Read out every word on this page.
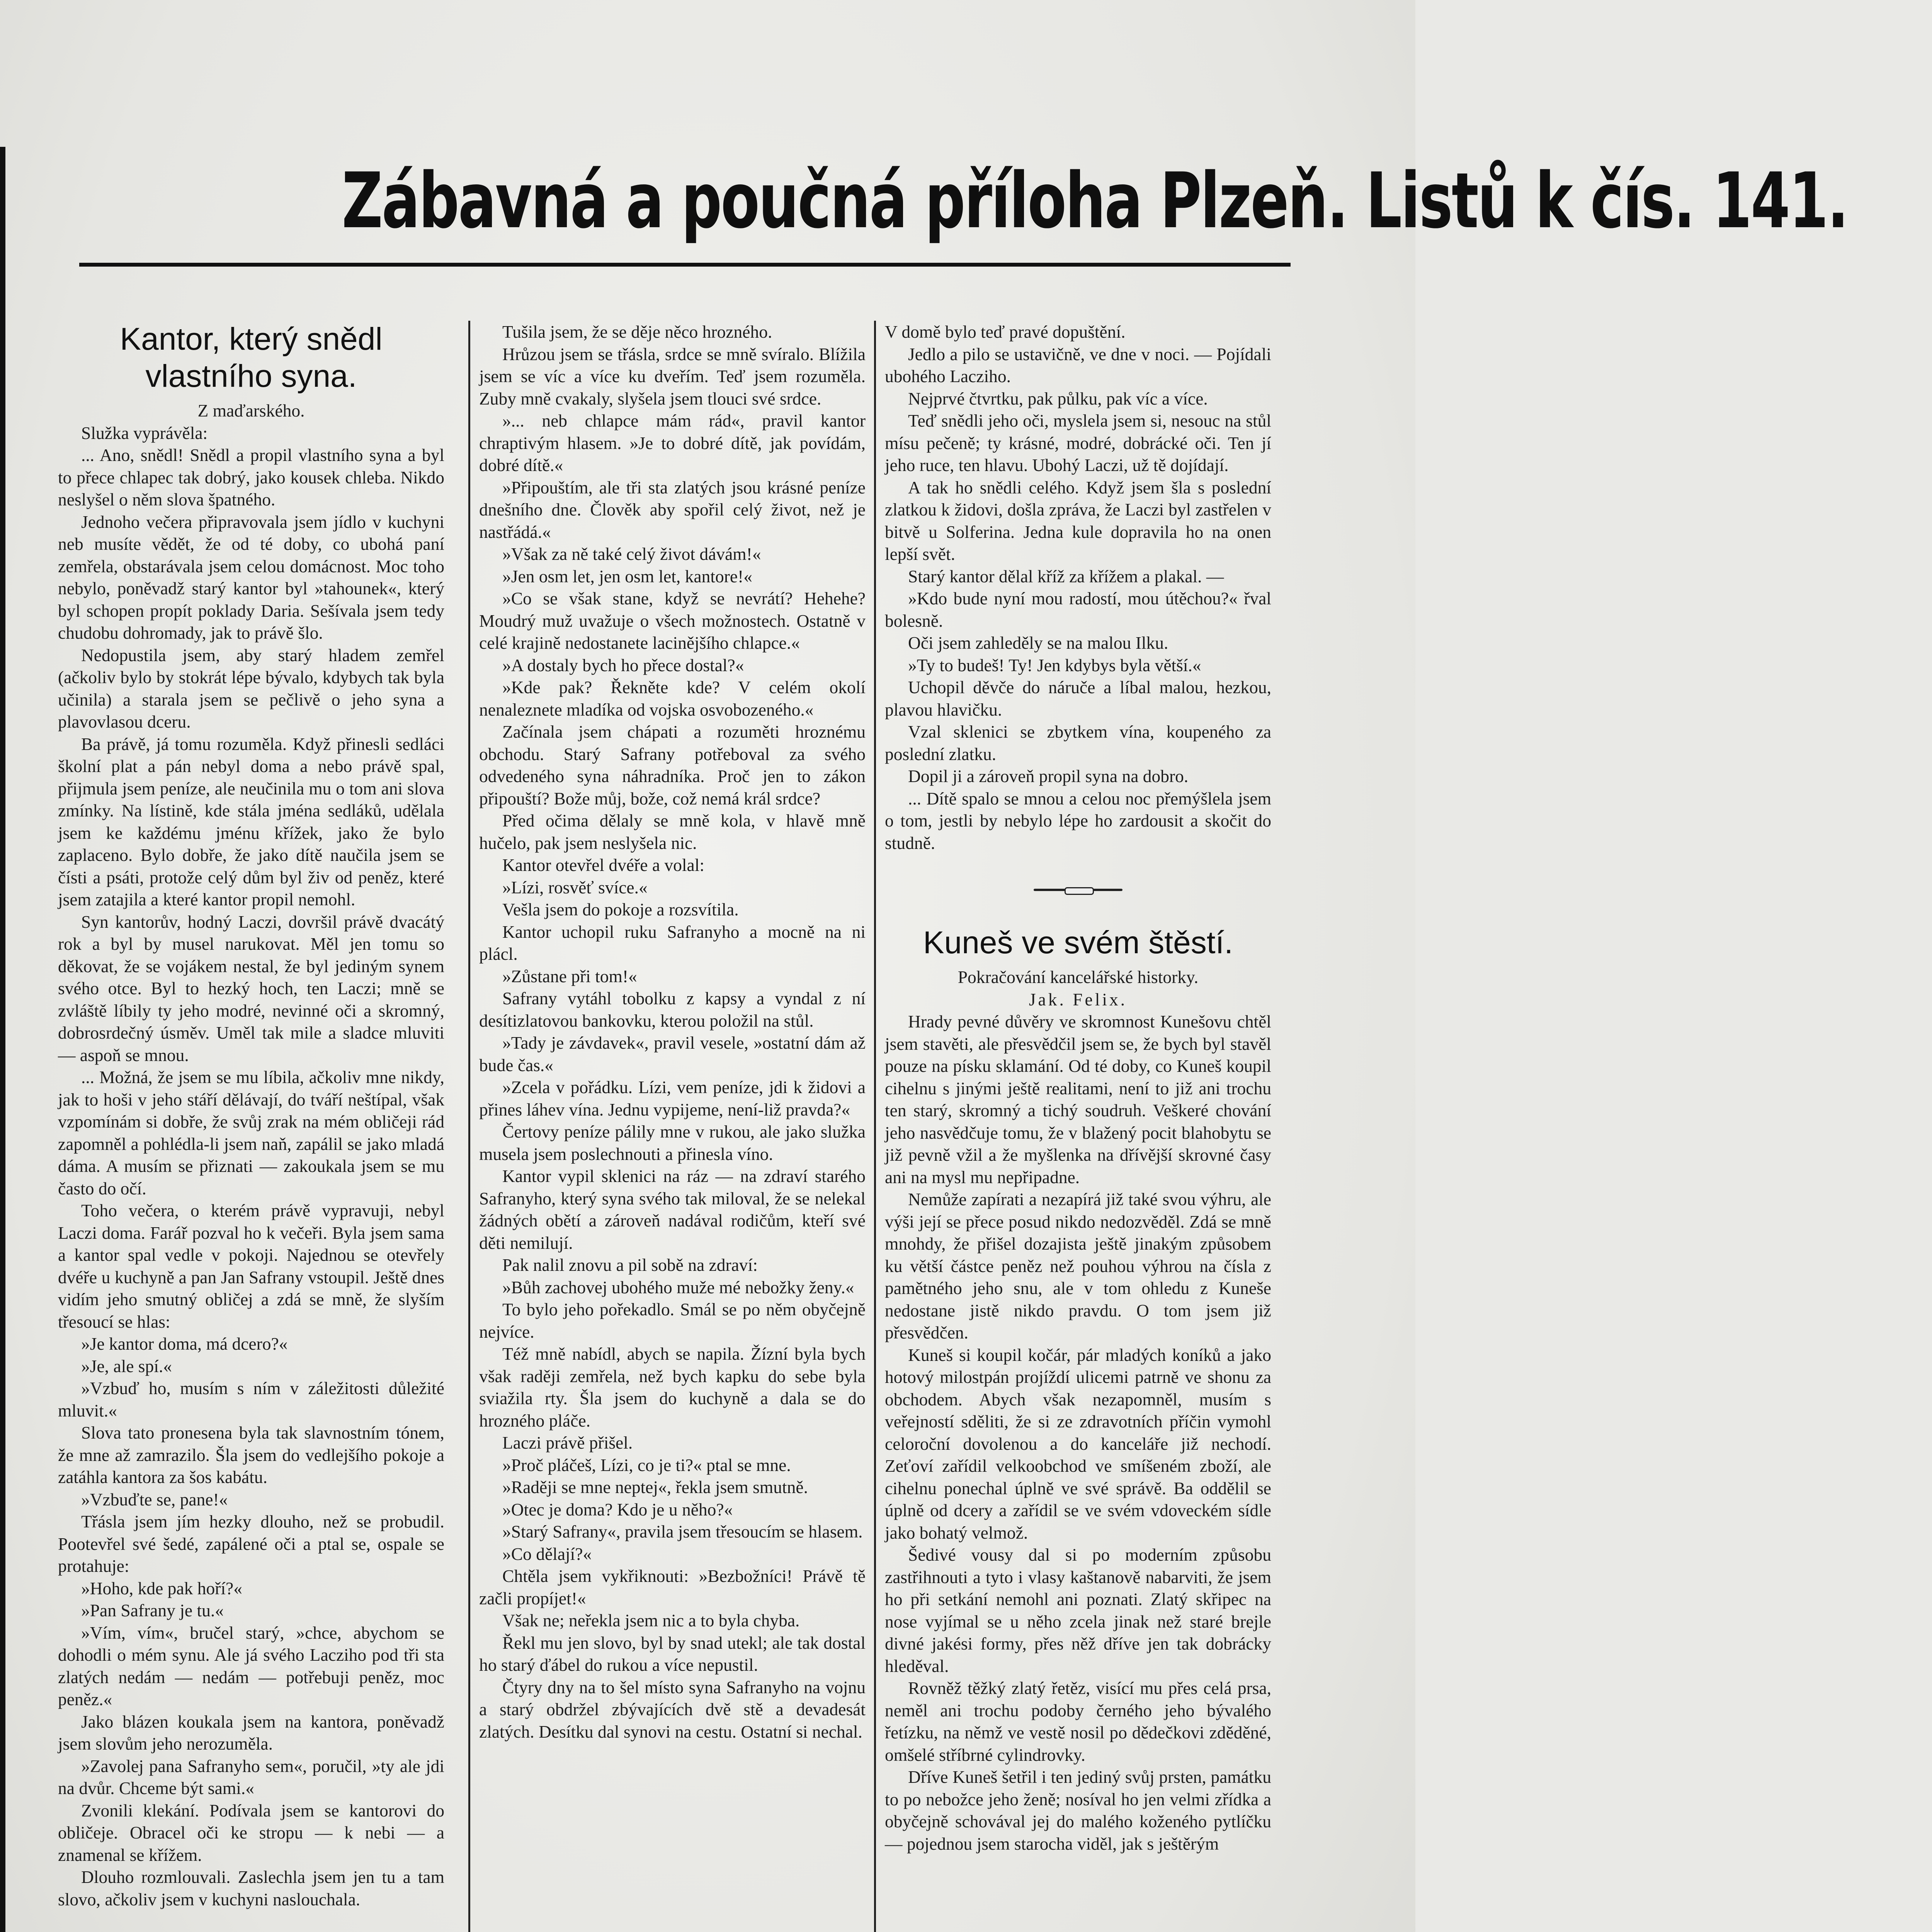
Zábavná a poučná příloha Plzeň. Listů k čís. 141.
Kantor, který snědl vlastního syna.

Z maďarského.

Služka vyprávěla:

... Ano, snědl! Snědl a propil vlastního syna a byl to přece chlapec tak dobrý, jako kousek chleba. Nikdo neslyšel o něm slova špatného.

Jednoho večera připravovala jsem jídlo v kuchyni neb musíte vědět, že od té doby, co ubohá paní zemřela, obstarávala jsem celou domácnost. Moc toho nebylo, poněvadž starý kantor byl »tahounek«, který byl schopen propít poklady Daria. Sešívala jsem tedy chudobu dohromady, jak to právě šlo.

Nedopustila jsem, aby starý hladem zemřel (ačkoliv bylo by stokrát lépe bývalo, kdybych tak byla učinila) a starala jsem se pečlivě o jeho syna a plavovlasou dceru.

Ba právě, já tomu rozuměla. Když přinesli sedláci školní plat a pán nebyl doma a nebo právě spal, přijmula jsem peníze, ale neučinila mu o tom ani slova zmínky. Na lístině, kde stála jména sedláků, udělala jsem ke každému jménu křížek, jako že bylo zaplaceno. Bylo dobře, že jako dítě naučila jsem se čísti a psáti, protože celý dům byl živ od peněz, které jsem zatajila a které kantor propil nemohl.

Syn kantorův, hodný Laczi, dovršil právě dvacátý rok a byl by musel narukovat. Měl jen tomu so děkovat, že se vojákem nestal, že byl jediným synem svého otce. Byl to hezký hoch, ten Laczi; mně se zvláště líbily ty jeho modré, nevinné oči a skromný, dobrosrdečný úsměv. Uměl tak mile a sladce mluviti — aspoň se mnou.

... Možná, že jsem se mu líbila, ačkoliv mne nikdy, jak to hoši v jeho stáří dělávají, do tváří neštípal, však vzpomínám si dobře, že svůj zrak na mém obličeji rád zapomněl a pohlédla-li jsem naň, zapálil se jako mladá dáma. A musím se přiznati — zakoukala jsem se mu často do očí.

Toho večera, o kterém právě vypravuji, nebyl Laczi doma. Farář pozval ho k večeři. Byla jsem sama a kantor spal vedle v pokoji. Najednou se otevřely dvéře u kuchyně a pan Jan Safrany vstoupil. Ještě dnes vidím jeho smutný obličej a zdá se mně, že slyším třesoucí se hlas:

»Je kantor doma, má dcero?«

»Je, ale spí.«

»Vzbuď ho, musím s ním v záležitosti důležité mluvit.«

Slova tato pronesena byla tak slavnostním tónem, že mne až zamrazilo. Šla jsem do vedlejšího pokoje a zatáhla kantora za šos kabátu.

»Vzbuďte se, pane!«

Třásla jsem jím hezky dlouho, než se probudil. Pootevřel své šedé, zapálené oči a ptal se, ospale se protahuje:

»Hoho, kde pak hoří?«

»Pan Safrany je tu.«

»Vím, vím«, bručel starý, »chce, abychom se dohodli o mém synu. Ale já svého Lacziho pod tři sta zlatých nedám — nedám — potřebuji peněz, moc peněz.«

Jako blázen koukala jsem na kantora, poněvadž jsem slovům jeho nerozuměla.

»Zavolej pana Safranyho sem«, poručil, »ty ale jdi na dvůr. Chceme být sami.«

Zvonili klekání. Podívala jsem se kantorovi do obličeje. Obracel oči ke stropu — k nebi — a znamenal se křížem.

Dlouho rozmlouvali. Zaslechla jsem jen tu a tam slovo, ačkoliv jsem v kuchyni naslouchala.

Tušila jsem, že se děje něco hrozného.

Hrůzou jsem se třásla, srdce se mně svíralo. Blížila jsem se víc a více ku dveřím. Teď jsem rozuměla. Zuby mně cvakaly, slyšela jsem tlouci své srdce.

»... neb chlapce mám rád«, pravil kantor chraptivým hlasem. »Je to dobré dítě, jak povídám, dobré dítě.«

»Připouštím, ale tři sta zlatých jsou krásné peníze dnešního dne. Člověk aby spořil celý život, než je nastřádá.«

»Však za ně také celý život dávám!«

»Jen osm let, jen osm let, kantore!«

»Co se však stane, když se nevrátí? Hehehe? Moudrý muž uvažuje o všech možnostech. Ostatně v celé krajině nedostanete lacinějšího chlapce.«

»A dostaly bych ho přece dostal?«

»Kde pak? Řekněte kde? V celém okolí nenaleznete mladíka od vojska osvobozeného.«

Začínala jsem chápati a rozuměti hroznému obchodu. Starý Safrany potřeboval za svého odvedeného syna náhradníka. Proč jen to zákon připouští? Bože můj, bože, což nemá král srdce?

Před očima dělaly se mně kola, v hlavě mně hučelo, pak jsem neslyšela nic.

Kantor otevřel dvéře a volal:

»Lízi, rosvěť svíce.«

Vešla jsem do pokoje a rozsvítila.

Kantor uchopil ruku Safranyho a mocně na ni plácl.

»Zůstane při tom!«

Safrany vytáhl tobolku z kapsy a vyndal z ní desítizlatovou bankovku, kterou položil na stůl.

»Tady je závdavek«, pravil vesele, »ostatní dám až bude čas.«

»Zcela v pořádku. Lízi, vem peníze, jdi k židovi a přines láhev vína. Jednu vypijeme, není-liž pravda?«

Čertovy peníze pálily mne v rukou, ale jako služka musela jsem poslechnouti a přinesla víno.

Kantor vypil sklenici na ráz — na zdraví starého Safranyho, který syna svého tak miloval, že se nelekal žádných obětí a zároveň nadával rodičům, kteří své děti nemilují.

Pak nalil znovu a pil sobě na zdraví:

»Bůh zachovej ubohého muže mé nebožky ženy.«

To bylo jeho pořekadlo. Smál se po něm obyčejně nejvíce.

Též mně nabídl, abych se napila. Žízní byla bych však raději zemřela, než bych kapku do sebe byla sviažila rty. Šla jsem do kuchyně a dala se do hrozného pláče.

Laczi právě přišel.

»Proč pláčeš, Lízi, co je ti?« ptal se mne.

»Raději se mne neptej«, řekla jsem smutně.

»Otec je doma? Kdo je u něho?«

»Starý Safrany«, pravila jsem třesoucím se hlasem.

»Co dělají?«

Chtěla jsem vykřiknouti: »Bezbožníci! Právě tě začli propíjet!«

Však ne; neřekla jsem nic a to byla chyba.

Řekl mu jen slovo, byl by snad utekl; ale tak dostal ho starý ďábel do rukou a více nepustil.

Čtyry dny na to šel místo syna Safranyho na vojnu a starý obdržel zbývajících dvě stě a devadesát zlatých. Desítku dal synovi na cestu. Ostatní si nechal.

V domě bylo teď pravé dopuštění.

Jedlo a pilo se ustavičně, ve dne v noci. — Pojídali ubohého Lacziho.

Nejprvé čtvrtku, pak půlku, pak víc a více.

Teď snědli jeho oči, myslela jsem si, nesouc na stůl mísu pečeně; ty krásné, modré, dobrácké oči. Ten jí jeho ruce, ten hlavu. Ubohý Laczi, už tě dojídají.

A tak ho snědli celého. Když jsem šla s poslední zlatkou k židovi, došla zpráva, že Laczi byl zastřelen v bitvě u Solferina. Jedna kule dopravila ho na onen lepší svět.

Starý kantor dělal kříž za křížem a plakal. —

»Kdo bude nyní mou radostí, mou útěchou?« řval bolesně.

Oči jsem zahleděly se na malou Ilku.

»Ty to budeš! Ty! Jen kdybys byla větší.«

Uchopil děvče do náruče a líbal malou, hezkou, plavou hlavičku.

Vzal sklenici se zbytkem vína, koupeného za poslední zlatku.

Dopil ji a zároveň propil syna na dobro.

... Dítě spalo se mnou a celou noc přemýšlela jsem o tom, jestli by nebylo lépe ho zardousit a skočit do studně.

Kuneš ve svém štěstí.

Pokračování kancelářské historky.

Jak. Felix.

Hrady pevné důvěry ve skromnost Kunešovu chtěl jsem stavěti, ale přesvědčil jsem se, že bych byl stavěl pouze na písku sklamání. Od té doby, co Kuneš koupil cihelnu s jinými ještě realitami, není to již ani trochu ten starý, skromný a tichý soudruh. Veškeré chování jeho nasvědčuje tomu, že v blažený pocit blahobytu se již pevně vžil a že myšlenka na dřívější skrovné časy ani na mysl mu nepřipadne.

Nemůže zapírati a nezapírá již také svou výhru, ale výši její se přece posud nikdo nedozvěděl. Zdá se mně mnohdy, že přišel dozajista ještě jinakým způsobem ku větší částce peněz než pouhou výhrou na čísla z pamětného jeho snu, ale v tom ohledu z Kuneše nedostane jistě nikdo pravdu. O tom jsem již přesvědčen.

Kuneš si koupil kočár, pár mladých koníků a jako hotový milostpán projíždí ulicemi patrně ve shonu za obchodem. Abych však nezapomněl, musím s veřejností sděliti, že si ze zdravotních příčin vymohl celoroční dovolenou a do kanceláře již nechodí. Zeťoví zařídil velkoobchod ve smíšeném zboží, ale cihelnu ponechal úplně ve své správě. Ba oddělil se úplně od dcery a zařídil se ve svém vdoveckém sídle jako bohatý velmož.

Šedivé vousy dal si po moderním způsobu zastřihnouti a tyto i vlasy kaštanově nabarviti, že jsem ho při setkání nemohl ani poznati. Zlatý skřipec na nose vyjímal se u něho zcela jinak než staré brejle divné jakési formy, přes něž dříve jen tak dobrácky hleděval.

Rovněž těžký zlatý řetěz, visící mu přes celá prsa, neměl ani trochu podoby černého jeho bývalého řetízku, na němž ve vestě nosil po dědečkovi zděděné, omšelé stříbrné cylindrovky.

Dříve Kuneš šetřil i ten jediný svůj prsten, památku to po nebožce jeho ženě; nosíval ho jen velmi zřídka a obyčejně schovával jej do malého koženého pytlíčku — pojednou jsem starocha viděl, jak s ještěrým
